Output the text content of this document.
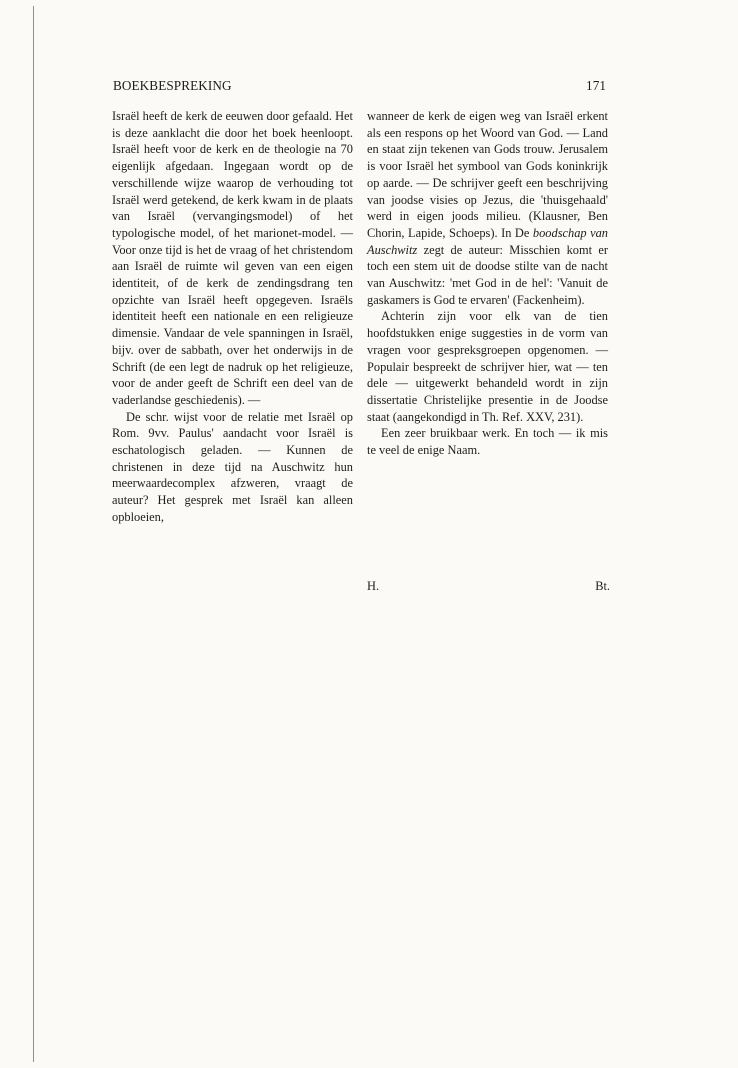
BOEKBESPREKING	171

Israël heeft de kerk de eeuwen door gefaald. Het is deze aanklacht die door het boek heenloopt. Israël heeft voor de kerk en de theologie na 70 eigenlijk afgedaan. Ingegaan wordt op de verschillende wijze waarop de verhouding tot Israël werd getekend, de kerk kwam in de plaats van Israël (vervangingsmodel) of het typologische model, of het marionet-model. — Voor onze tijd is het de vraag of het christendom aan Israël de ruimte wil geven van een eigen identiteit, of de kerk de zendingsdrang ten opzichte van Israël heeft opgegeven. Israëls identiteit heeft een nationale en een religieuze dimensie. Vandaar de vele spanningen in Israël, bijv. over de sabbath, over het onderwijs in de Schrift (de een legt de nadruk op het religieuze, voor de ander geeft de Schrift een deel van de vaderlandse geschiedenis). —

De schr. wijst voor de relatie met Israël op Rom. 9vv. Paulus' aandacht voor Israël is eschatologisch geladen. — Kunnen de christenen in deze tijd na Auschwitz hun meerwaardecomplex afzweren, vraagt de auteur? Het gesprek met Israël kan alleen opbloeien,

wanneer de kerk de eigen weg van Israël erkent als een respons op het Woord van God. — Land en staat zijn tekenen van Gods trouw. Jerusalem is voor Israël het symbool van Gods koninkrijk op aarde. — De schrijver geeft een beschrijving van joodse visies op Jezus, die 'thuisgehaald' werd in eigen joods milieu. (Klausner, Ben Chorin, Lapide, Schoeps). In De boodschap van Auschwitz zegt de auteur: Misschien komt er toch een stem uit de doodse stilte van de nacht van Auschwitz: 'met God in de hel': 'Vanuit de gaskamers is God te ervaren' (Fackenheim).

Achterin zijn voor elk van de tien hoofdstukken enige suggesties in de vorm van vragen voor gespreksgroepen opgenomen. — Populair bespreekt de schrijver hier, wat — ten dele — uitgewerkt behandeld wordt in zijn dissertatie Christelijke presentie in de Joodse staat (aangekondigd in Th. Ref. XXV, 231).

Een zeer bruikbaar werk. En toch — ik mis te veel de enige Naam.

H.	Bt.
